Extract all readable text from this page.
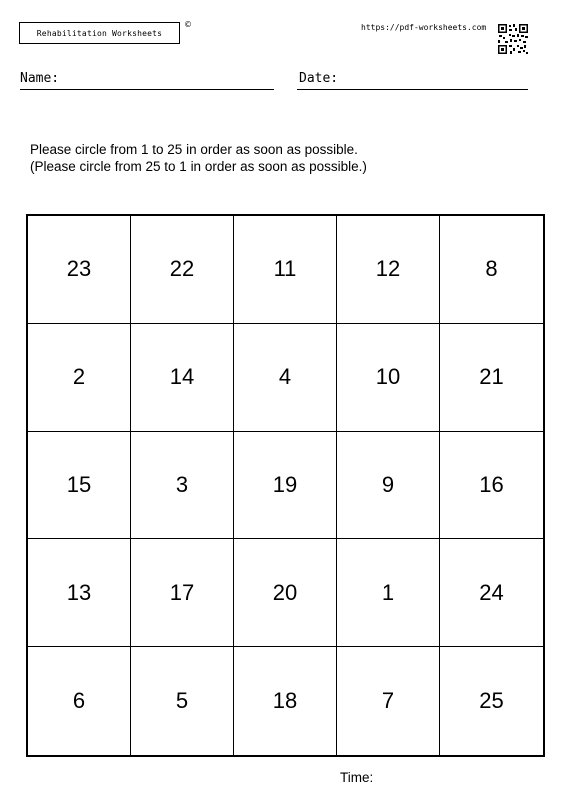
Rehabilitation Worksheets
©	https://pdf-worksheets.com
Name:	Date:
Please circle from 1 to 25 in order as soon as possible.
(Please circle from 25 to 1 in order as soon as possible.)
23	22	11	12	8
2	14	4	10	21
15	3	19	9	16
13	17	20	1	24
6	5	18	7	25
Time:
